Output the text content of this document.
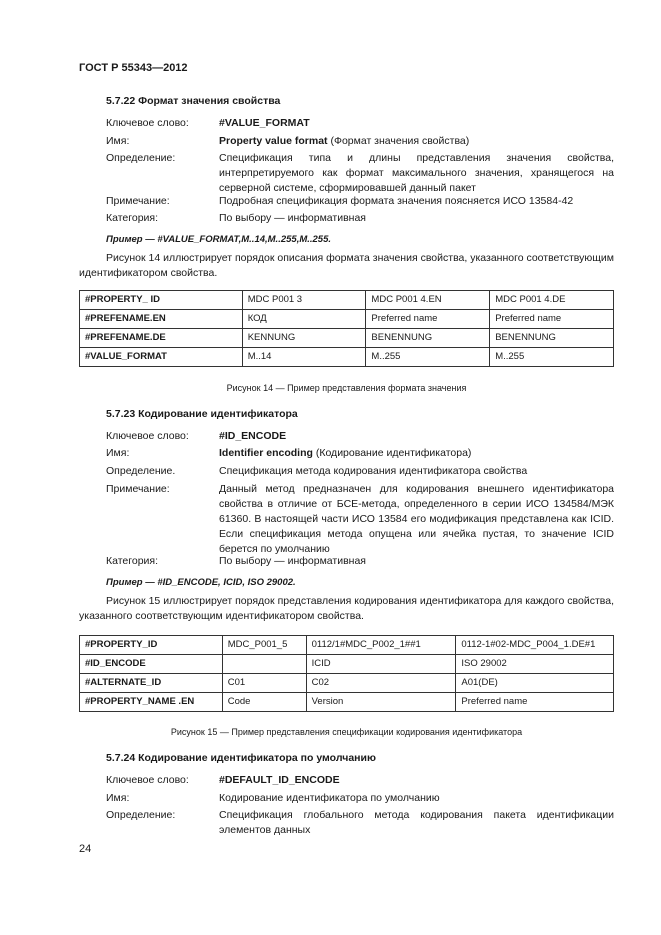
ГОСТ Р 55343—2012
5.7.22 Формат значения свойства
Ключевое слово:	#VALUE_FORMAT
Имя:	Property value format (Формат значения свойства)
Определение:	Спецификация типа и длины представления значения свойства, интерпретируемого как формат максимального значения, хранящегося на серверной системе, сформировавшей данный пакет
Примечание:	Подробная спецификация формата значения поясняется ИСО 13584-42
Категория:	По выбору — информативная
Пример — #VALUE_FORMAT,M..14,M..255,M..255.
Рисунок 14 иллюстрирует порядок описания формата значения свойства, указанного соответствующим идентификатором свойства.
#PROPERTY_ ID	MDC P001 3	MDC P001 4.EN	MDC P001 4.DE
#PREFENAME.EN	КОД	Preferred name	Preferred name
#PREFENAME.DE	KENNUNG	BENENNUNG	BENENNUNG
#VALUE_FORMAT	M..14	M..255	M..255
Рисунок 14 — Пример представления формата значения
5.7.23 Кодирование идентификатора
Ключевое слово:	#ID_ENCODE
Имя:	Identifier encoding (Кодирование идентификатора)
Определение.	Спецификация метода кодирования идентификатора свойства
Примечание:	Данный метод предназначен для кодирования внешнего идентификатора свойства в отличие от БСЕ-метода, определенного в серии ИСО 134584/МЭК 61360. В настоящей части ИСО 13584 его модификация представлена как ICID. Если спецификация метода опущена или ячейка пустая, то значение ICID берется по умолчанию
Категория:	По выбору — информативная
Пример — #ID_ENCODE, ICID, ISO 29002.
Рисунок 15 иллюстрирует порядок представления кодирования идентификатора для каждого свойства, указанного соответствующим идентификатором свойства.
#PROPERTY_ID	MDC_P001_5	0112/1#MDC_P002_1##1	0112-1#02-MDC_P004_1.DE#1
#ID_ENCODE		ICID	ISO 29002
#ALTERNATE_ID	C01	C02	A01(DE)
#PROPERTY_NAME .EN	Code	Version	Preferred name
Рисунок 15 — Пример представления спецификации кодирования идентификатора
5.7.24 Кодирование идентификатора по умолчанию
Ключевое слово:	#DEFAULT_ID_ENCODE
Имя:	Кодирование идентификатора по умолчанию
Определение:	Спецификация глобального метода кодирования пакета идентификации элементов данных
24
